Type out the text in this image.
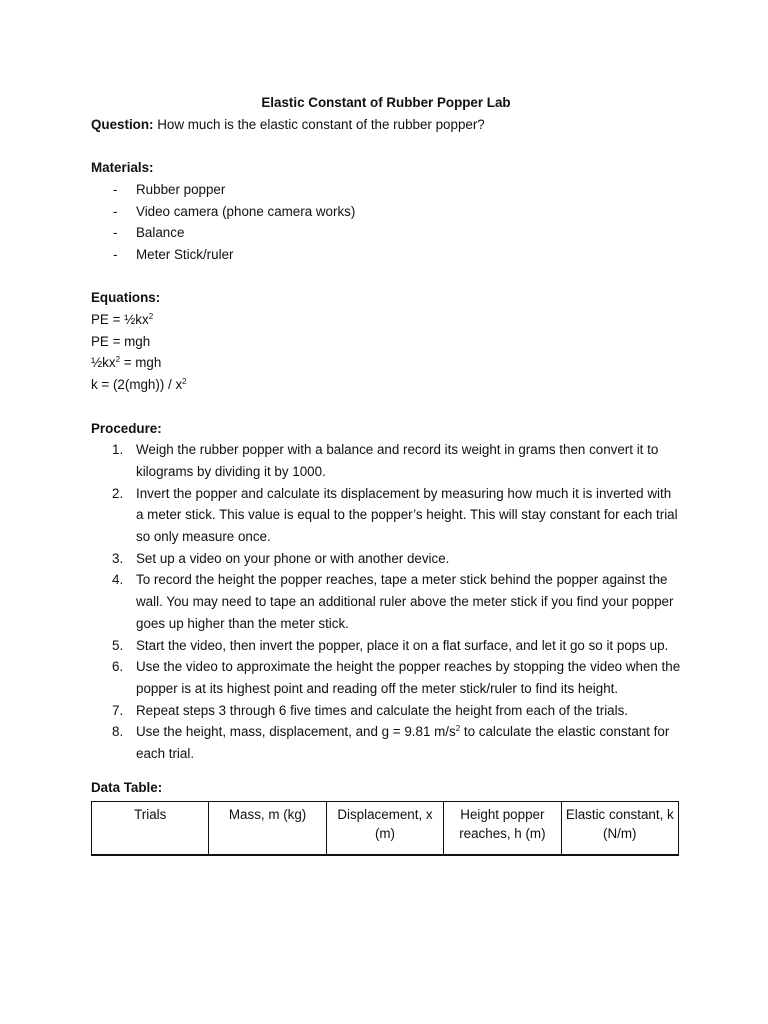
Elastic Constant of Rubber Popper Lab
Question: How much is the elastic constant of the rubber popper?
Materials:
- Rubber popper
- Video camera (phone camera works)
- Balance
- Meter Stick/ruler
Equations:
PE = $\frac{1}{2}kx^2$
PE = mgh
$\frac{1}{2}kx^2$ = mgh
$k = (2(mgh)) / x^2$
Procedure:
1. Weigh the rubber popper with a balance and record its weight in grams then convert it to kilograms by dividing it by 1000.
2. Invert the popper and calculate its displacement by measuring how much it is inverted with a meter stick. This value is equal to the popper’s height. This will stay constant for each trial so only measure once.
3. Set up a video on your phone or with another device.
4. To record the height the popper reaches, tape a meter stick behind the popper against the wall. You may need to tape an additional ruler above the meter stick if you find your popper goes up higher than the meter stick.
5. Start the video, then invert the popper, place it on a flat surface, and let it go so it pops up.
6. Use the video to approximate the height the popper reaches by stopping the video when the popper is at its highest point and reading off the meter stick/ruler to find its height.
7. Repeat steps 3 through 6 five times and calculate the height from each of the trials.
8. Use the height, mass, displacement, and g = 9.81 $m/s^2$ to calculate the elastic constant for each trial.
Data Table:
Trials	Mass, m (kg)	Displacement, x (m)	Height popper reaches, h (m)	Elastic constant, k (N/m)
